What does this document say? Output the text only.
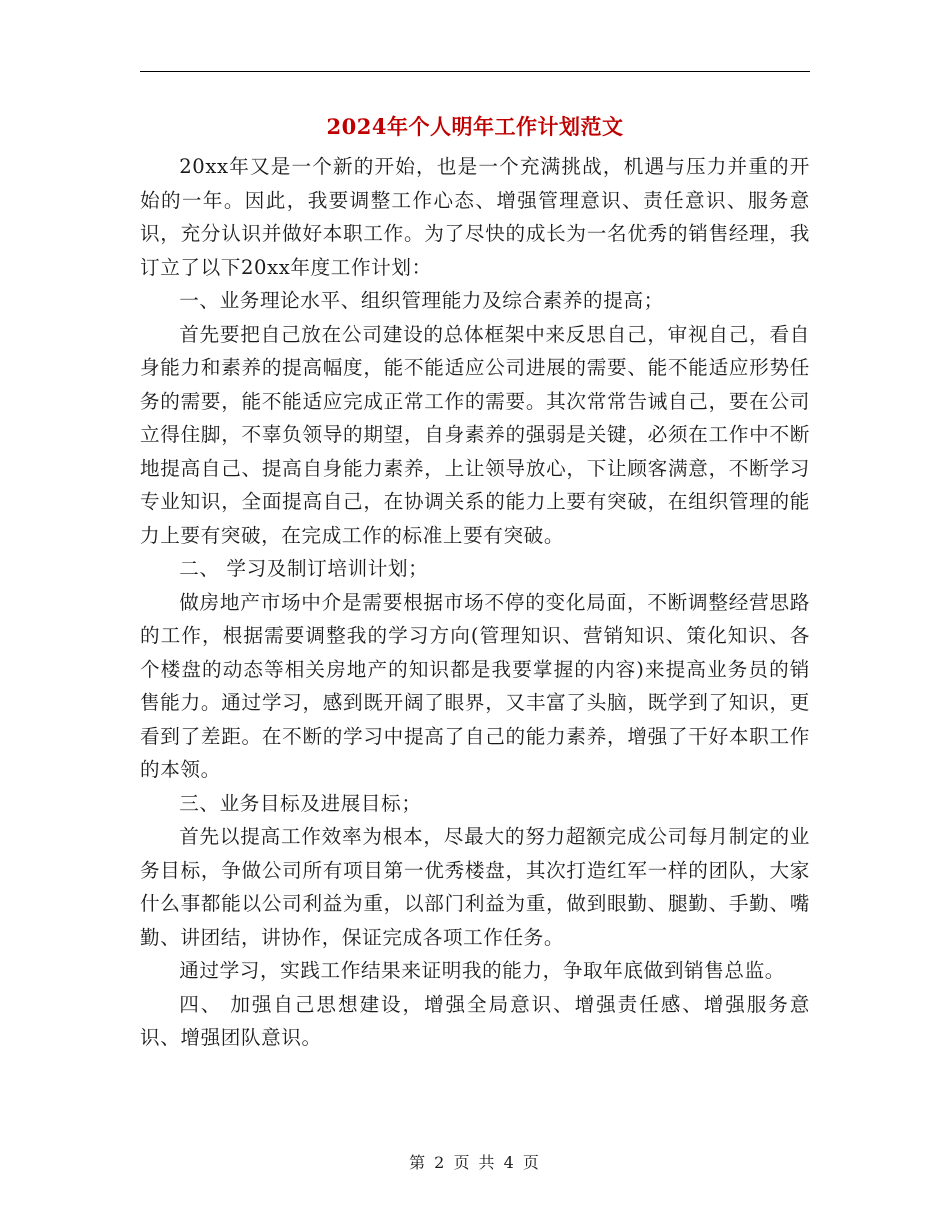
2024年个人明年工作计划范文

20xx年又是一个新的开始，也是一个充满挑战，机遇与压力并重的开始的一年。因此，我要调整工作心态、增强管理意识、责任意识、服务意识，充分认识并做好本职工作。为了尽快的成长为一名优秀的销售经理，我订立了以下20xx年度工作计划：

一、业务理论水平、组织管理能力及综合素养的提高；

首先要把自己放在公司建设的总体框架中来反思自己，审视自己，看自身能力和素养的提高幅度，能不能适应公司进展的需要、能不能适应形势任务的需要，能不能适应完成正常工作的需要。其次常常告诫自己，要在公司立得住脚，不辜负领导的期望，自身素养的强弱是关键，必须在工作中不断地提高自己、提高自身能力素养，上让领导放心，下让顾客满意，不断学习专业知识，全面提高自己，在协调关系的能力上要有突破，在组织管理的能力上要有突破，在完成工作的标准上要有突破。

二、 学习及制订培训计划；

做房地产市场中介是需要根据市场不停的变化局面，不断调整经营思路的工作，根据需要调整我的学习方向(管理知识、营销知识、策化知识、各个楼盘的动态等相关房地产的知识都是我要掌握的内容)来提高业务员的销售能力。通过学习，感到既开阔了眼界，又丰富了头脑，既学到了知识，更看到了差距。在不断的学习中提高了自己的能力素养，增强了干好本职工作的本领。

三、业务目标及进展目标；

首先以提高工作效率为根本，尽最大的努力超额完成公司每月制定的业务目标，争做公司所有项目第一优秀楼盘，其次打造红军一样的团队，大家什么事都能以公司利益为重，以部门利益为重，做到眼勤、腿勤、手勤、嘴勤、讲团结，讲协作，保证完成各项工作任务。

通过学习，实践工作结果来证明我的能力，争取年底做到销售总监。

四、 加强自己思想建设，增强全局意识、增强责任感、增强服务意识、增强团队意识。

第 2 页 共 4 页
